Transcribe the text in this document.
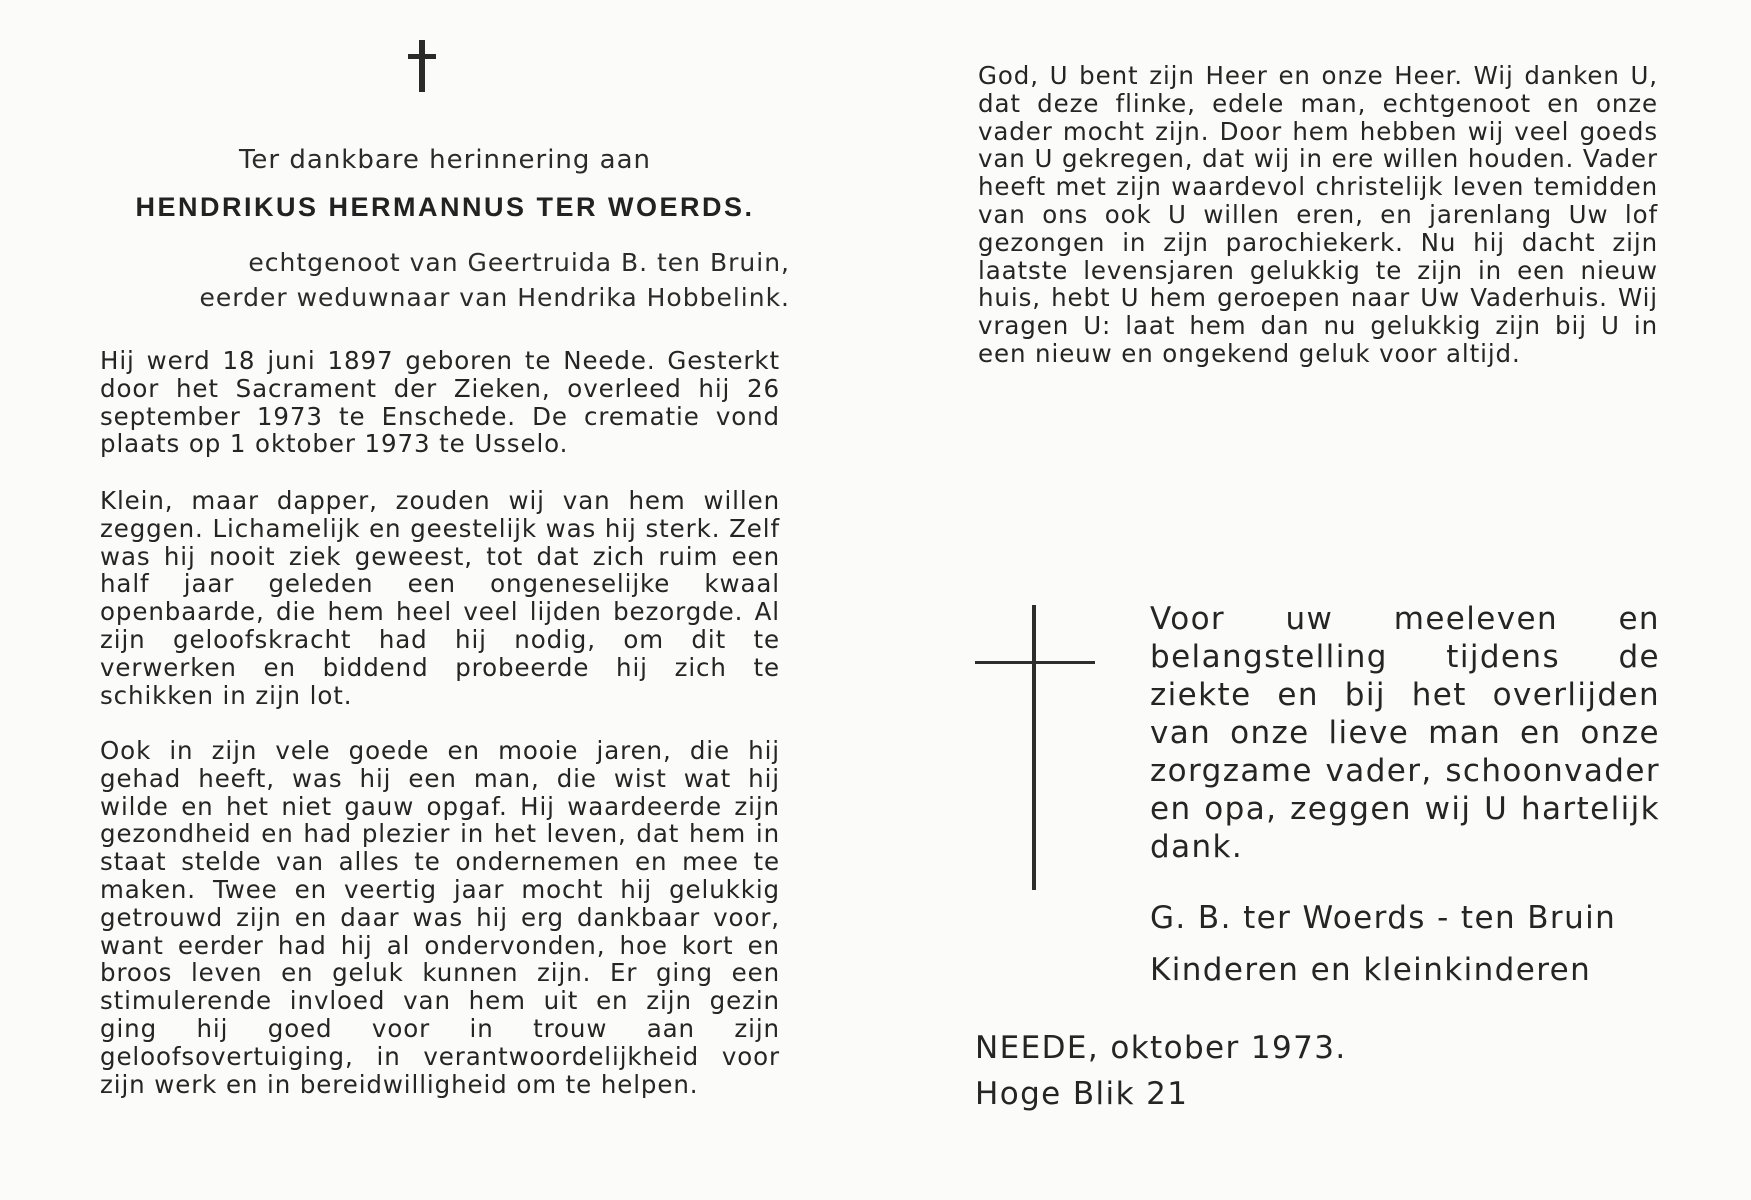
Ter dankbare herinnering aan
HENDRIKUS HERMANNUS TER WOERDS.
echtgenoot van Geertruida B. ten Bruin,
eerder weduwnaar van Hendrika Hobbelink.

Hij werd 18 juni 1897 geboren te Neede. Gesterkt door het Sacrament der Zieken, overleed hij 26 september 1973 te Enschede. De crematie vond plaats op 1 oktober 1973 te Usselo.

Klein, maar dapper, zouden wij van hem willen zeggen. Lichamelijk en geestelijk was hij sterk. Zelf was hij nooit ziek geweest, tot dat zich ruim een half jaar geleden een ongeneselijke kwaal openbaarde, die hem heel veel lijden bezorgde. Al zijn geloofskracht had hij nodig, om dit te verwerken en biddend probeerde hij zich te schikken in zijn lot.

Ook in zijn vele goede en mooie jaren, die hij gehad heeft, was hij een man, die wist wat hij wilde en het niet gauw opgaf. Hij waardeerde zijn gezondheid en had plezier in het leven, dat hem in staat stelde van alles te ondernemen en mee te maken. Twee en veertig jaar mocht hij gelukkig getrouwd zijn en daar was hij erg dankbaar voor, want eerder had hij al ondervonden, hoe kort en broos leven en geluk kunnen zijn. Er ging een stimulerende invloed van hem uit en zijn gezin ging hij goed voor in trouw aan zijn geloofsovertuiging, in verantwoordelijkheid voor zijn werk en in bereidwilligheid om te helpen.

God, U bent zijn Heer en onze Heer. Wij danken U, dat deze flinke, edele man, echtgenoot en onze vader mocht zijn. Door hem hebben wij veel goeds van U gekregen, dat wij in ere willen houden. Vader heeft met zijn waardevol christelijk leven temidden van ons ook U willen eren, en jarenlang Uw lof gezongen in zijn parochiekerk. Nu hij dacht zijn laatste levensjaren gelukkig te zijn in een nieuw huis, hebt U hem geroepen naar Uw Vaderhuis. Wij vragen U: laat hem dan nu gelukkig zijn bij U in een nieuw en ongekend geluk voor altijd.
Voor uw meeleven en belangstelling tijdens de ziekte en bij het overlijden van onze lieve man en onze zorgzame vader, schoonvader en opa, zeggen wij U hartelijk dank.
G. B. ter Woerds - ten Bruin
Kinderen en kleinkinderen
NEEDE, oktober 1973.
Hoge Blik 21
